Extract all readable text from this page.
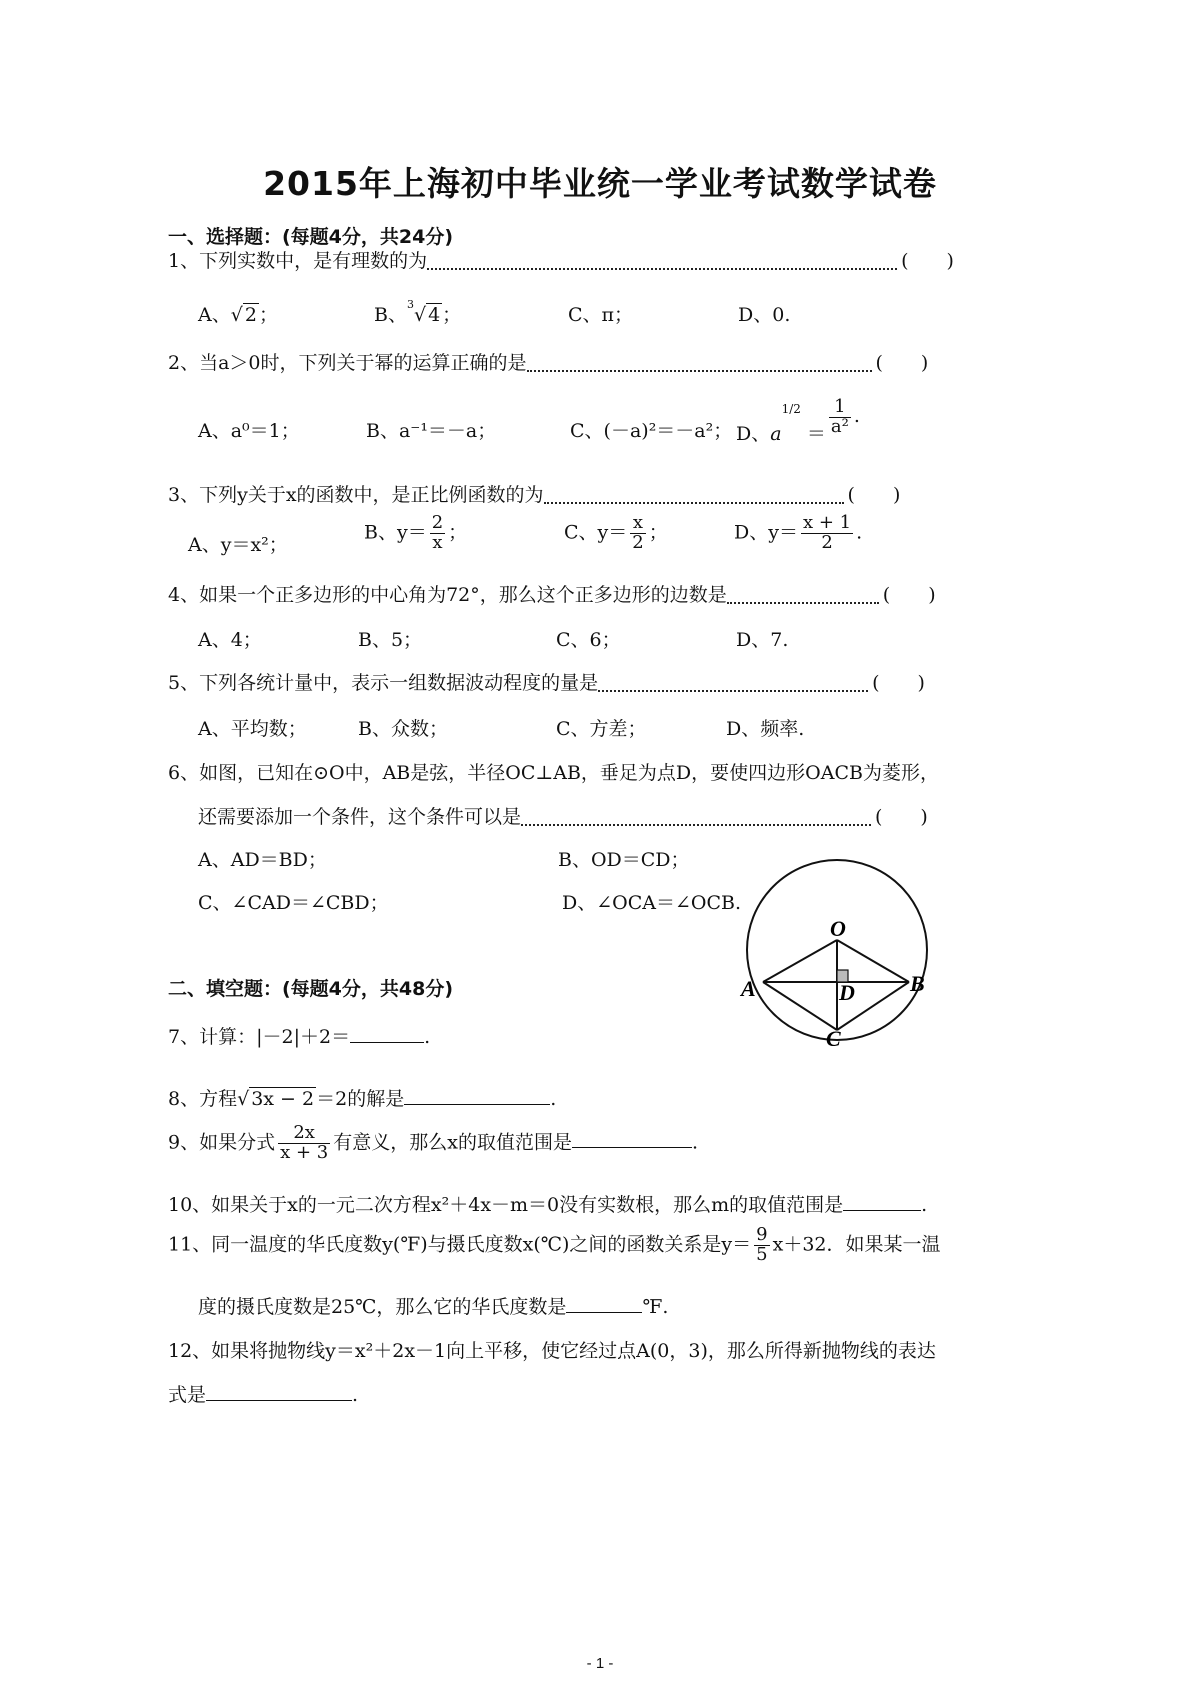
2015年上海初中毕业统一学业考试数学试卷
一、选择题：(每题4分，共24分)
1、下列实数中，是有理数的为	(　　)
A、√ 2 ；	B、$^3$√ 4 ；	C、π；	D、0.
2、当a＞0时，下列关于幂的运算正确的是	(　　)
A、a⁰＝1；	B、a⁻¹＝－a；	C、(－a)²＝－a²； D、$a^{1/2} = \frac{1}{\text{a²}}$ .
3、下列y关于x的函数中，是正比例函数的为	(　　)
A、y＝x²；
B、$y= \frac{2}{x}$ ；	C、$y= \frac{x}{2}$ ；	D、$y= \frac{x + 1}{2}$ .
4、如果一个正多边形的中心角为72°，那么这个正多边形的边数是	(　　)
A、4；	B、5；	C、6；	D、7.
5、下列各统计量中，表示一组数据波动程度的量是	(　　)
A、平均数；	B、众数；	C、方差；	D、频率.
6、如图，已知在⊙O中，AB是弦，半径OC⊥AB，垂足为点D，要使四边形OACB为菱形，
还需要添加一个条件，这个条件可以是	(　　)
A、AD＝BD；	B、OD＝CD；
C、∠CAD＝∠CBD；	D、∠OCA＝∠OCB.
O
A	B
C
D
二、填空题：(每题4分，共48分)
7、计算：|－2|＋2＝	.
8、方程√ 3x − 2 ＝2的解是	.
9、如果分式 $\frac{2x}{x + 3}$ 有意义，那么x的取值范围是	.
10、如果关于x的一元二次方程x²＋4x－m＝0没有实数根，那么m的取值范围是	.
11、同一温度的华氏度数y(℉)与摄氏度数x(℃)之间的函数关系是$y= \frac{9}{5} x+32$．如果某一温
度的摄氏度数是25℃，那么它的华氏度数是	℉.
12、如果将抛物线y＝x²＋2x－1向上平移，使它经过点A(0，3)，那么所得新抛物线的表达
式是	.
- 1 -
